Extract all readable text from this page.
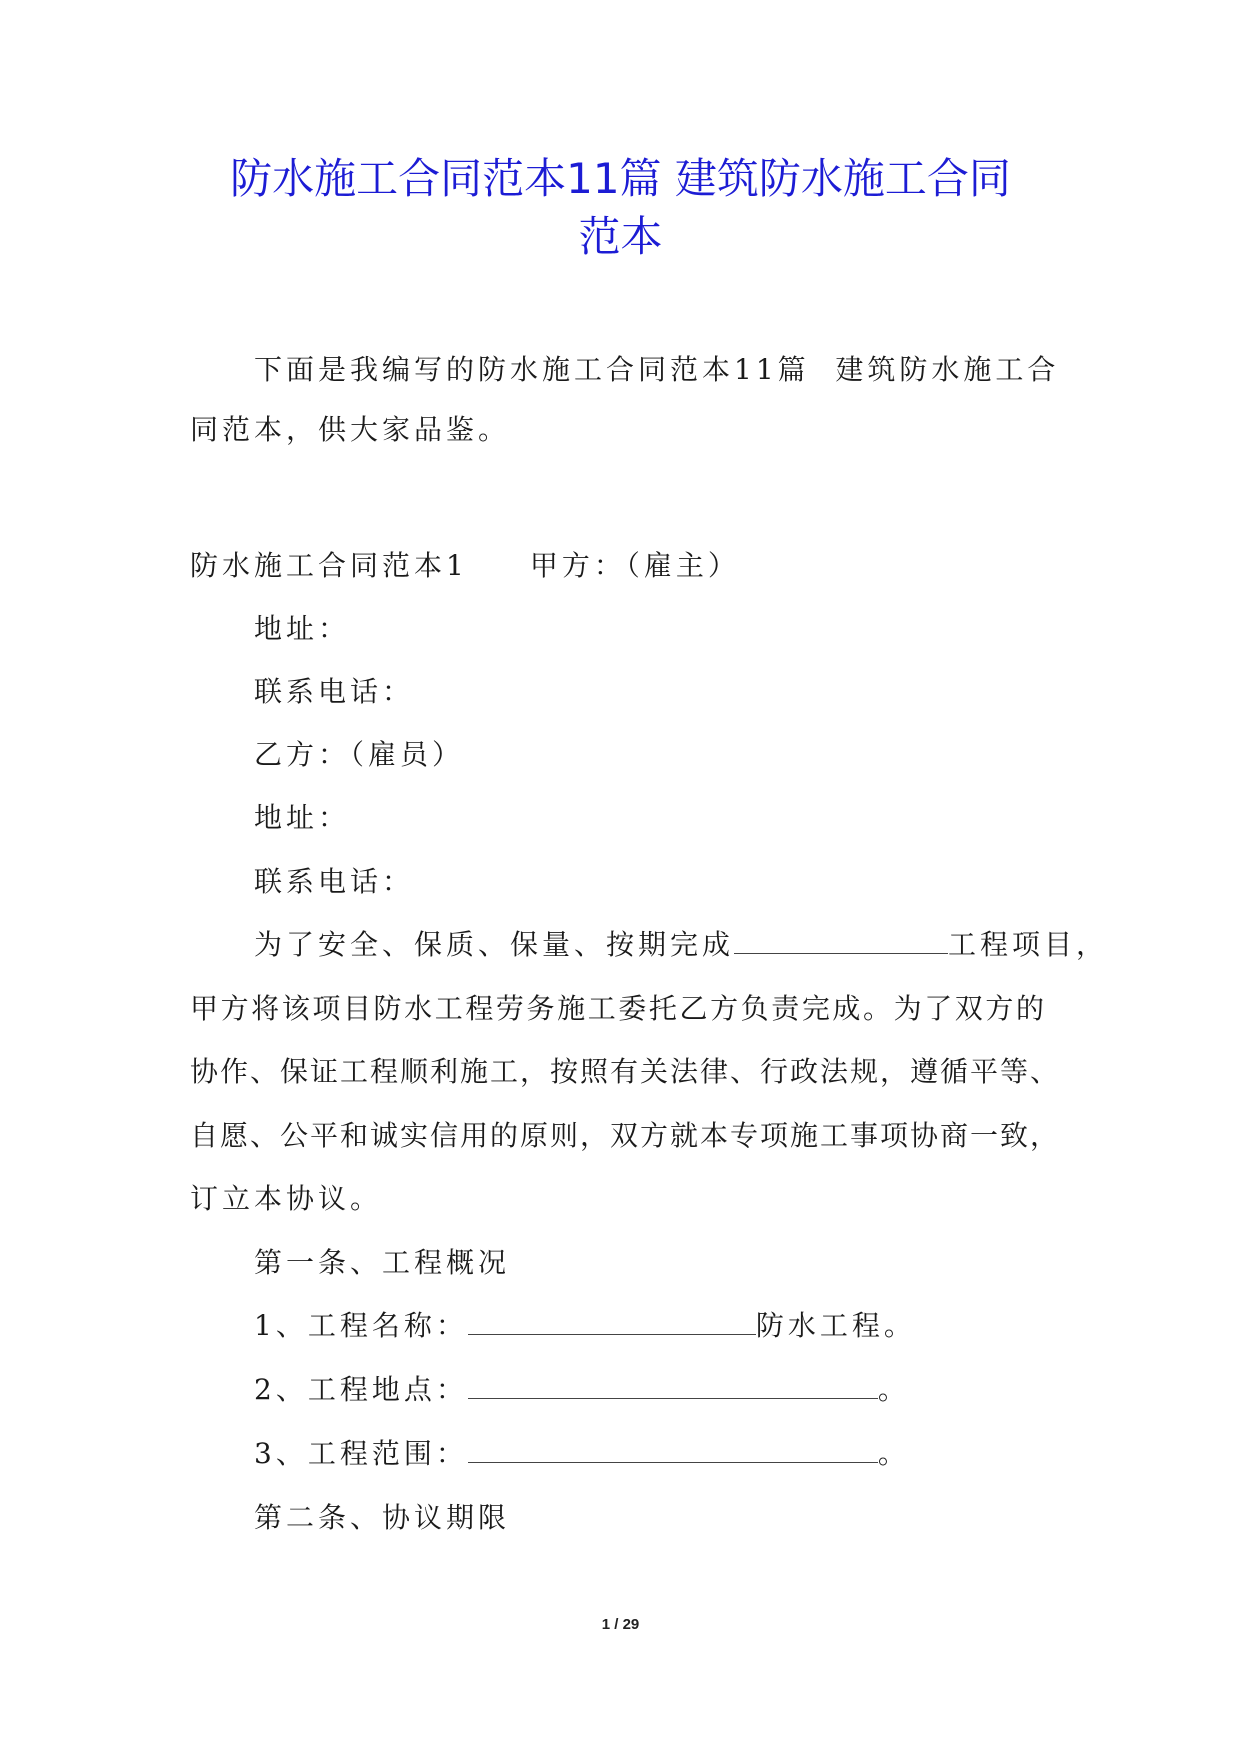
防水施工合同范本11篇 建筑防水施工合同
范本
下面是我编写的防水施工合同范本11篇  建筑防水施工合
同范本，供大家品鉴。
防水施工合同范本1 甲方：（雇主）
地址：
联系电话：
乙方：（雇员）
地址：
联系电话：
为了安全、保质、保量、按期完成	工程项目，
甲方将该项目防水工程劳务施工委托乙方负责完成。为了双方的
协作、保证工程顺利施工，按照有关法律、行政法规，遵循平等、
自愿、公平和诚实信用的原则，双方就本专项施工事项协商一致，
订立本协议。
第一条、工程概况
1、工程名称：	防水工程。
2、工程地点：	。
3、工程范围：	。
第二条、协议期限
1 / 29
